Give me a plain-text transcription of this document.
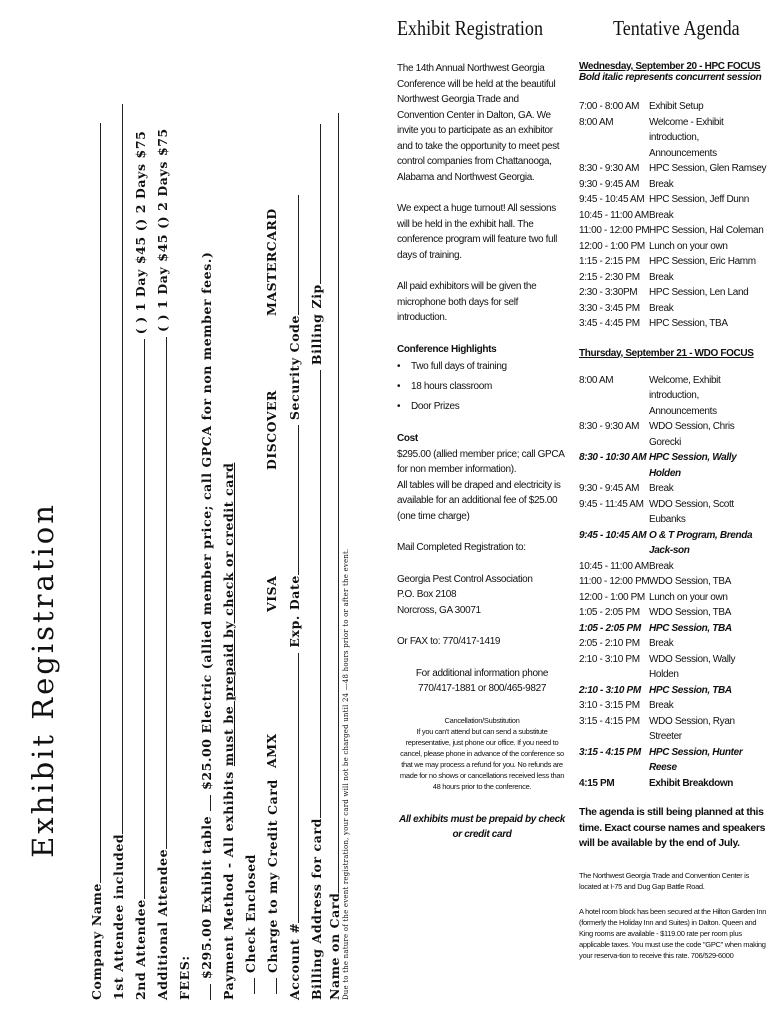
Exhibit Registration
Company Name 1st Attendee included 2nd Attendee ( ) 1 Day $45 () 2 Days $75
Additional Attendee ( ) 1 Day $45 () 2 Days $75
FEES: $295.00 Exhibit table  $25.00 Electric (allied member price; call GPCA for non member fees.)
Payment Method - All exhibits must be prepaid by check or credit card
Check Enclosed Charge to my Credit Card
AMX
VISA
DISCOVER
MASTERCARD
Account # Exp. Date Security Code
Billing Address for card Billing Zip
Name on Card Due to the nature of the event registration, your card will not be charged until 24 —48 hours prior to or after the event.
Exhibit Registration
The 14th Annual Northwest Georgia Conference will be held at the beautiful Northwest Georgia Trade and Convention Center in Dalton, GA. We invite you to participate as an exhibitor and to take the opportunity to meet pest control companies from Chattanooga, Alabama and Northwest Georgia.
We expect a huge turnout! All sessions will be held in the exhibit hall. The conference program will feature two full days of training.
All paid exhibitors will be given the microphone both days for self introduction.
Conference Highlights
• Two full days of training
• 18 hours classroom
• Door Prizes
Cost
$295.00 (allied member price; call GPCA for non member information).
All tables will be draped and electricity is available for an additional fee of $25.00 (one time charge)
Mail Completed Registration to:
Georgia Pest Control Association
P.O. Box 2108
Norcross, GA 30071
Or FAX to: 770/417-1419
For additional information phone 770/417-1881 or 800/465-9827
Cancellation/Substitution
If you can't attend but can send a substitute representative, just phone our office. If you need to cancel, please phone in advance of the conference so that we may process a refund for you. No refunds are made for no shows or cancellations received less than 48 hours prior to the conference.
All exhibits must be prepaid by check or credit card
Tentative Agenda
Wednesday, September 20 - HPC FOCUS
Bold italic represents concurrent session
7:00 - 8:00 AM Exhibit Setup
8:00 AM	Welcome - Exhibit introduction, Announcements
8:30 - 9:30 AM HPC Session, Glen Ramsey
9:30 - 9:45 AM Break
9:45 - 10:45 AM HPC Session, Jeff Dunn
10:45 - 11:00 AM Break
11:00 - 12:00 PM HPC Session, Hal Coleman
12:00 - 1:00 PM Lunch on your own
1:15 - 2:15 PM HPC Session, Eric Hamm
2:15 - 2:30 PM Break
2:30 - 3:30PM	HPC Session, Len Land
3:30 - 3:45 PM Break
3:45 - 4:45 PM HPC Session, TBA
Thursday, September 21 - WDO FOCUS
8:00 AM	Welcome, Exhibit introduction, Announcements
8:30 - 9:30 AM WDO Session, Chris Gorecki
8:30 - 10:30 AM HPC Session, Wally Holden
9:30 - 9:45 AM Break
9:45 - 11:45 AM WDO Session, Scott Eubanks
9:45 - 10:45 AM O & T Program, Brenda Jack-son
10:45 - 11:00 AM Break
11:00 - 12:00 PM WDO Session, TBA
12:00 - 1:00 PM Lunch on your own
1:05 - 2:05 PM WDO Session, TBA
1:05 - 2:05 PM HPC Session, TBA
2:05 - 2:10 PM Break
2:10 - 3:10 PM WDO Session, Wally Holden
2:10 - 3:10 PM HPC Session, TBA
3:10 - 3:15 PM Break
3:15 - 4:15 PM WDO Session, Ryan Streeter
3:15 - 4:15 PM HPC Session, Hunter Reese
4:15 PM	Exhibit Breakdown
The agenda is still being planned at this time. Exact course names and speakers will be available by the end of July.
The Northwest Georgia Trade and Convention Center is located at I-75 and Dug Gap Battle Road.
A hotel room block has been secured at the Hilton Garden Inn (formerly the Holiday Inn and Suites) in Dalton. Queen and King rooms are available - $119.00 rate per room plus applicable taxes. You must use the code "GPC" when making your reserva-tion to receive this rate. 706/529-6000
